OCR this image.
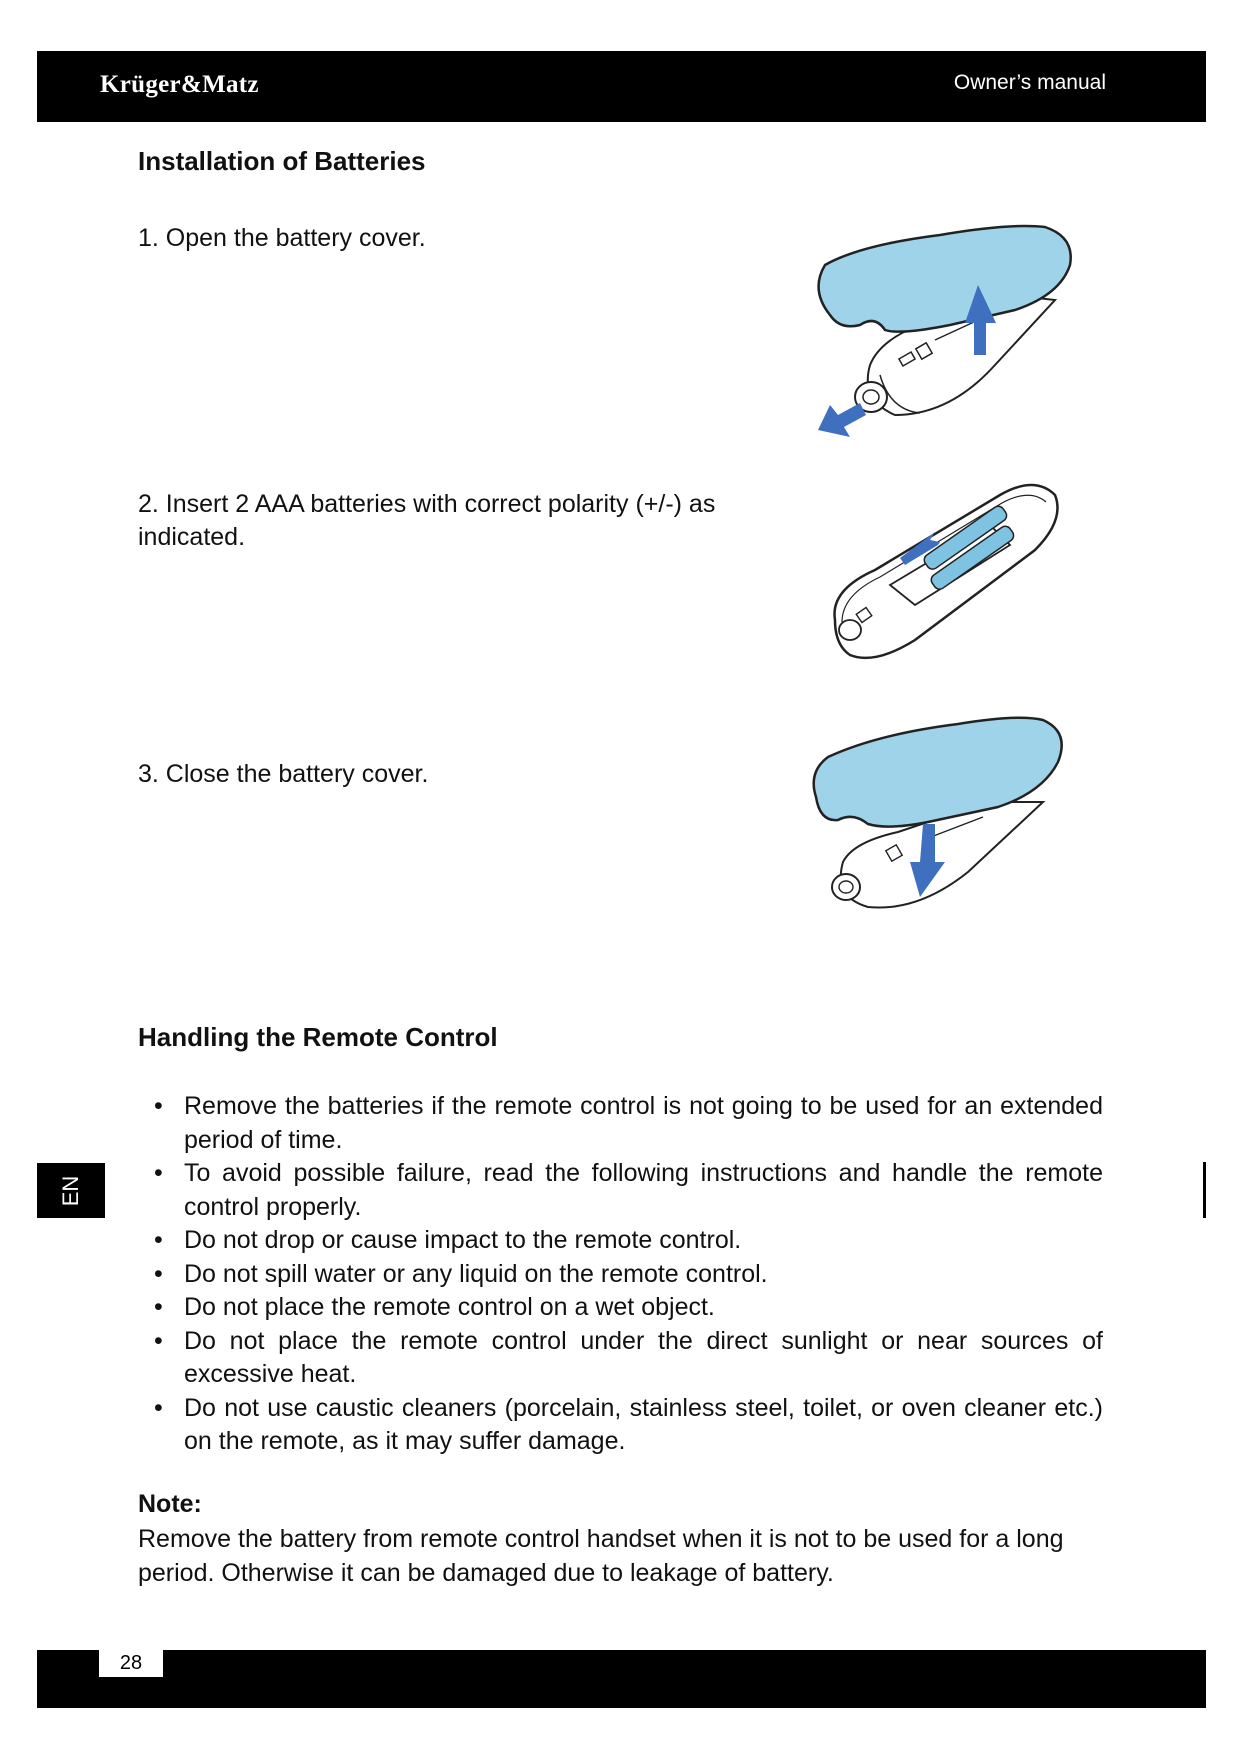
Krüger&Matz	Owner’s manual
Installation of Batteries

1. Open the battery cover.

2. Insert 2 AAA batteries with correct polarity (+/-) as indicated.

3. Close the battery cover.

Handling the Remote Control
• Remove the batteries if the remote control is not going to be used for an extended period of time.
• To avoid possible failure, read the following instructions and handle the remote control properly.
• Do not drop or cause impact to the remote control.
• Do not spill water or any liquid on the remote control.
• Do not place the remote control on a wet object.
• Do not place the remote control under the direct sunlight or near sources of excessive heat.
• Do not use caustic cleaners (porcelain, stainless steel, toilet, or oven cleaner etc.) on the remote, as it may suffer damage.

Note:

Remove the battery from remote control handset when it is not to be used for a long period. Otherwise it can be damaged due to leakage of battery.

EN
28
